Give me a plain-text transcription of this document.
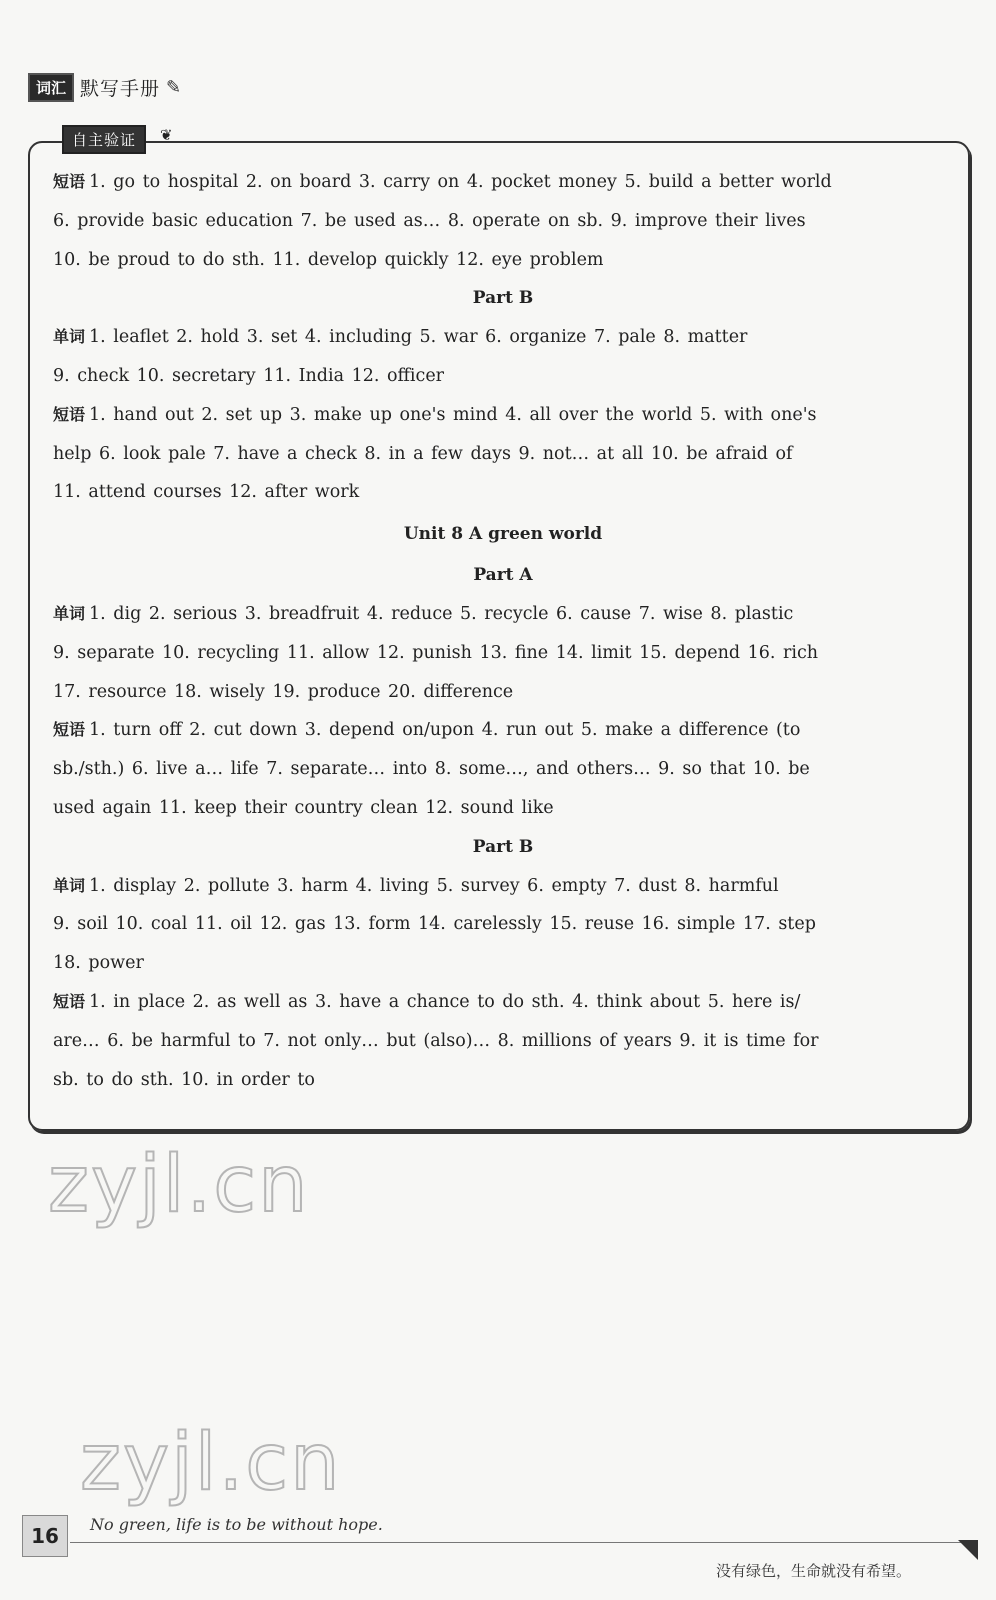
词汇 默写手册 ✎
自主验证	❦
短语 1. go to hospital 2. on board 3. carry on 4. pocket money 5. build a better world
6. provide basic education 7. be used as… 8. operate on sb. 9. improve their lives
10. be proud to do sth. 11. develop quickly 12. eye problem
Part B
单词 1. leaflet 2. hold 3. set 4. including 5. war 6. organize 7. pale 8. matter
9. check 10. secretary 11. India 12. officer
短语 1. hand out 2. set up 3. make up one's mind 4. all over the world 5. with one's
help 6. look pale 7. have a check 8. in a few days 9. not… at all 10. be afraid of
11. attend courses 12. after work
Unit 8 A green world
Part A
单词 1. dig 2. serious 3. breadfruit 4. reduce 5. recycle 6. cause 7. wise 8. plastic
9. separate 10. recycling 11. allow 12. punish 13. fine 14. limit 15. depend 16. rich
17. resource 18. wisely 19. produce 20. difference
短语 1. turn off 2. cut down 3. depend on/upon 4. run out 5. make a difference (to
sb./sth.) 6. live a… life 7. separate… into 8. some…, and others… 9. so that 10. be
used again 11. keep their country clean 12. sound like
Part B
单词 1. display 2. pollute 3. harm 4. living 5. survey 6. empty 7. dust 8. harmful
9. soil 10. coal 11. oil 12. gas 13. form 14. carelessly 15. reuse 16. simple 17. step
18. power
短语 1. in place 2. as well as 3. have a chance to do sth. 4. think about 5. here is/
are… 6. be harmful to 7. not only… but (also)… 8. millions of years 9. it is time for
sb. to do sth. 10. in order to
zyjl.cn
zyjl.cn
16	No green, life is to be without hope.
没有绿色，生命就没有希望。
